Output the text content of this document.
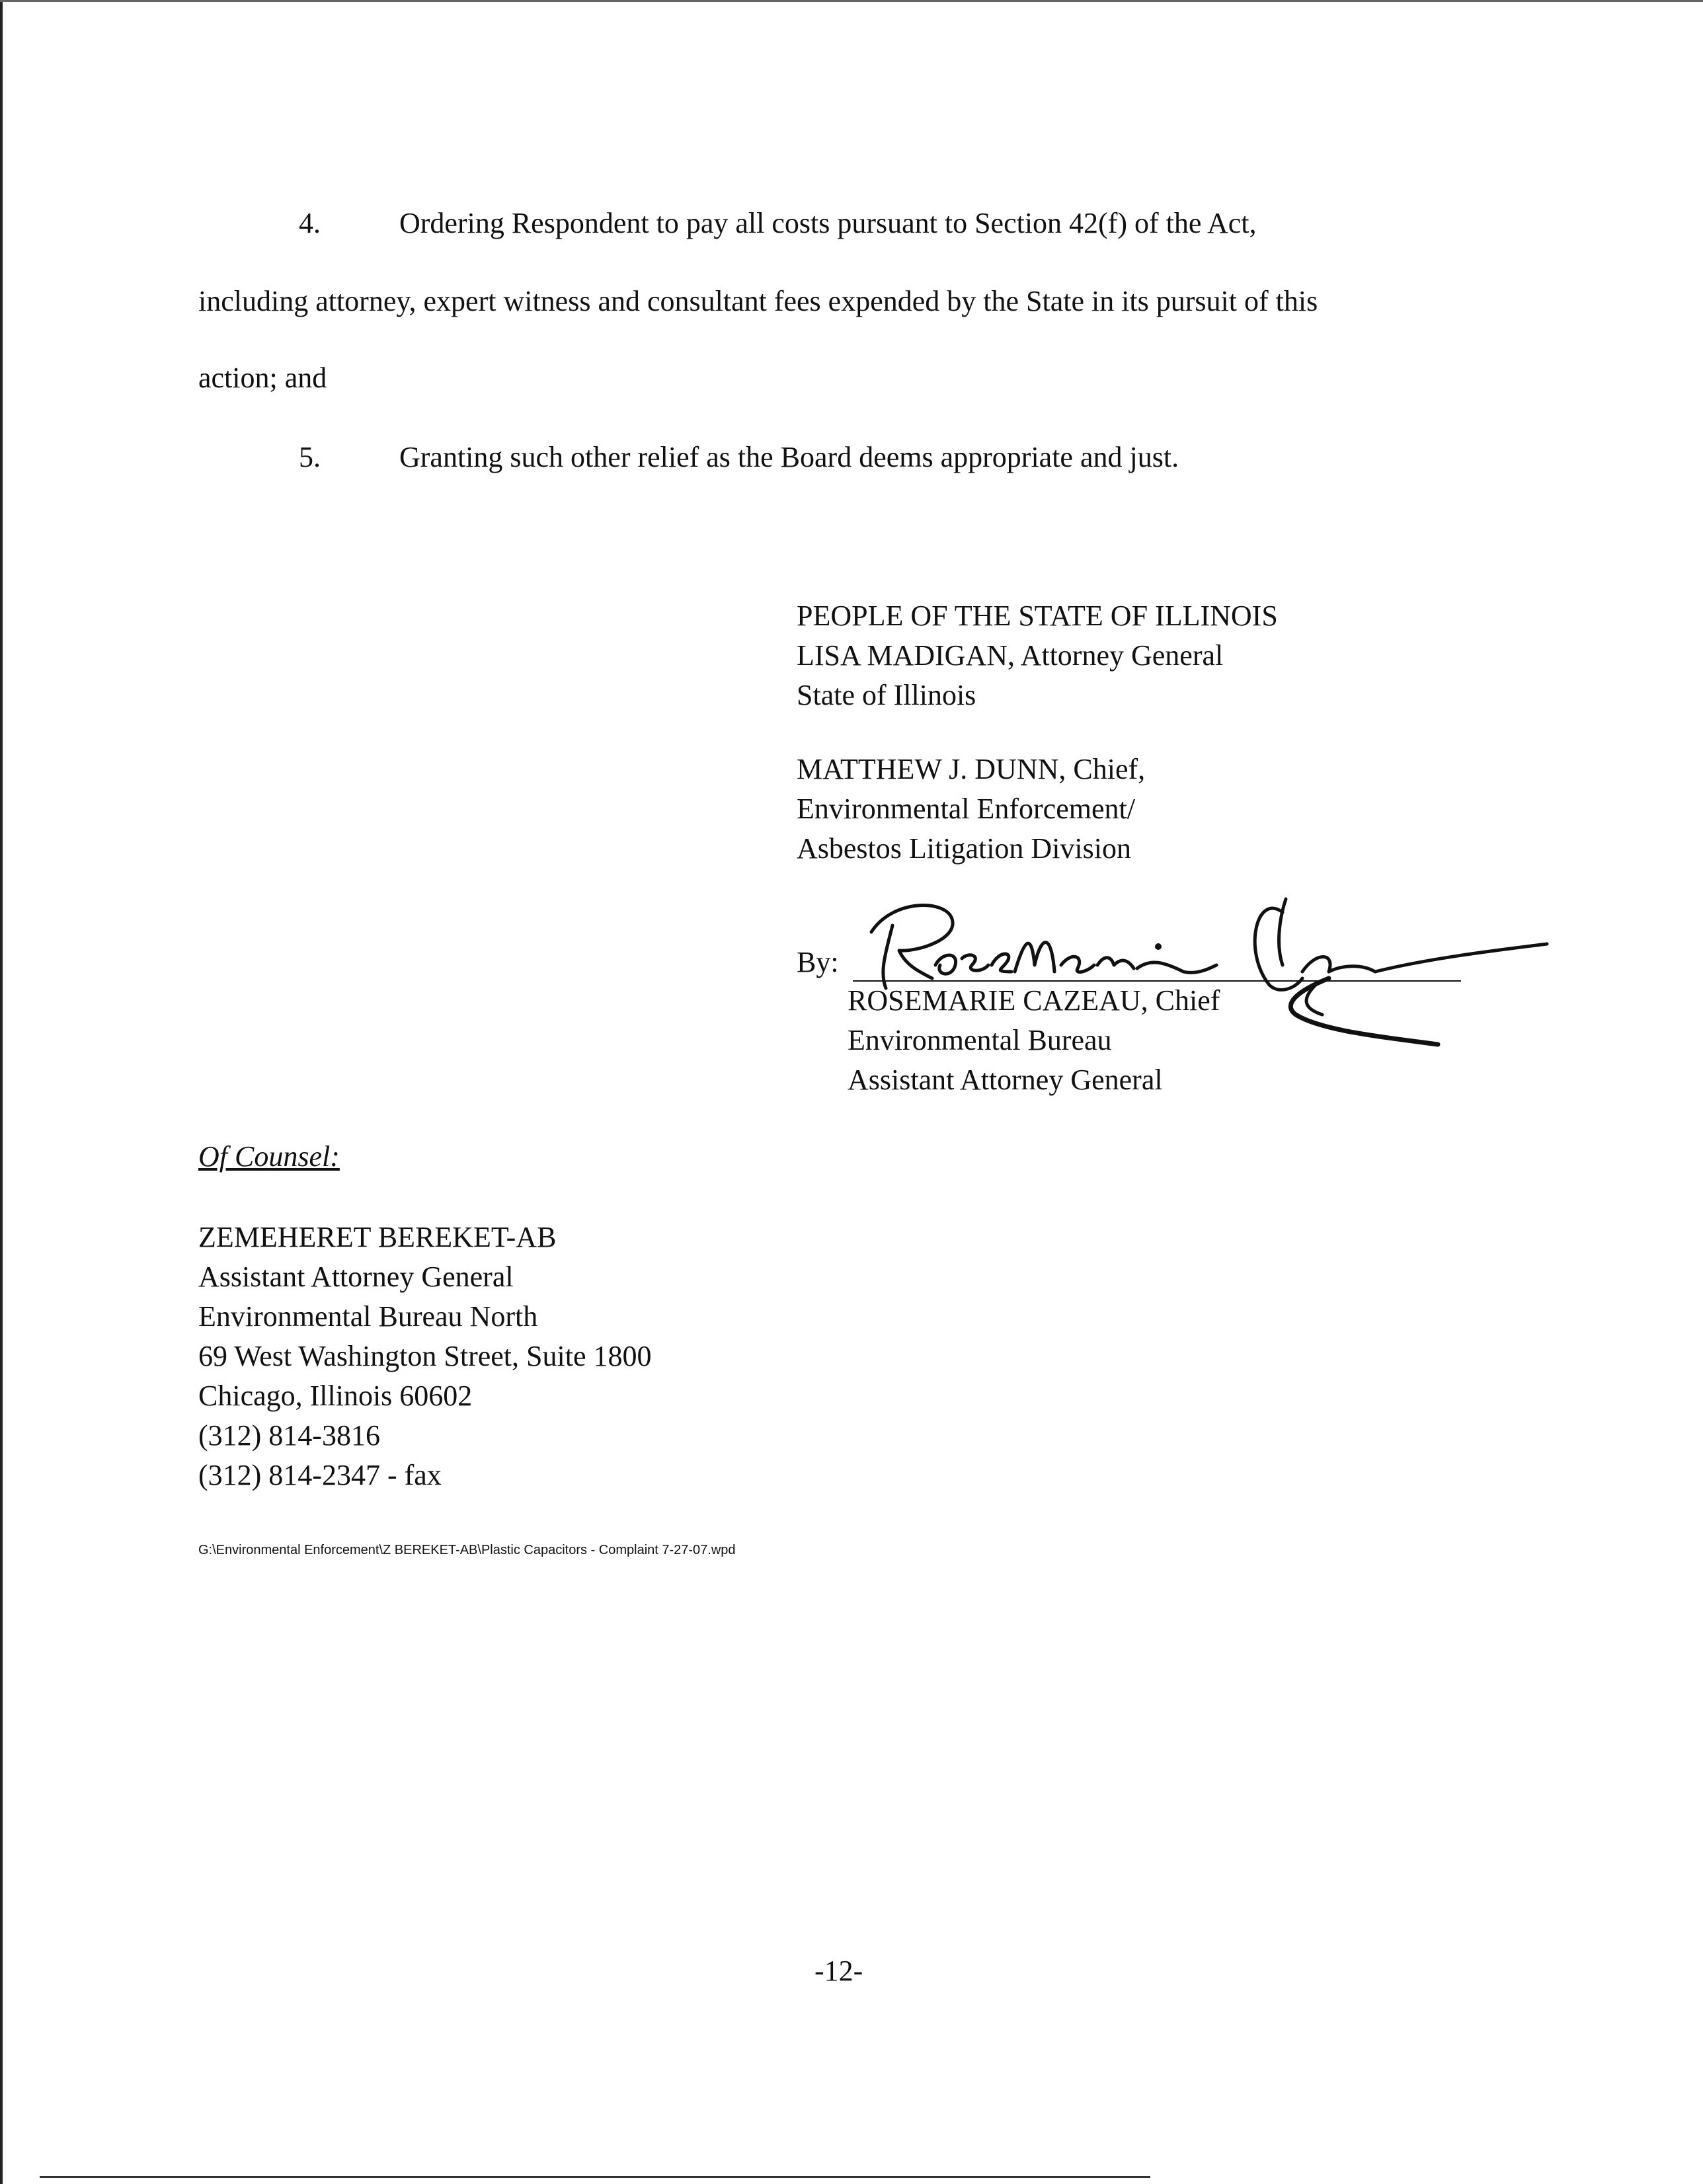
4.	Ordering Respondent to pay all costs pursuant to Section 42(f) of the Act,
including attorney, expert witness and consultant fees expended by the State in its pursuit of this
action; and
5.	Granting such other relief as the Board deems appropriate and just.
PEOPLE OF THE STATE OF ILLINOIS
LISA MADIGAN, Attorney General
State of Illinois
MATTHEW J. DUNN, Chief,
Environmental Enforcement/
Asbestos Litigation Division
By:
ROSEMARIE CAZEAU, Chief
Environmental Bureau
Assistant Attorney General
Of Counsel:
ZEMEHERET BEREKET-AB
Assistant Attorney General
Environmental Bureau North
69 West Washington Street, Suite 1800
Chicago, Illinois 60602
(312) 814-3816
(312) 814-2347 - fax
G:\Environmental Enforcement\Z BEREKET-AB\Plastic Capacitors - Complaint 7-27-07.wpd
-12-
